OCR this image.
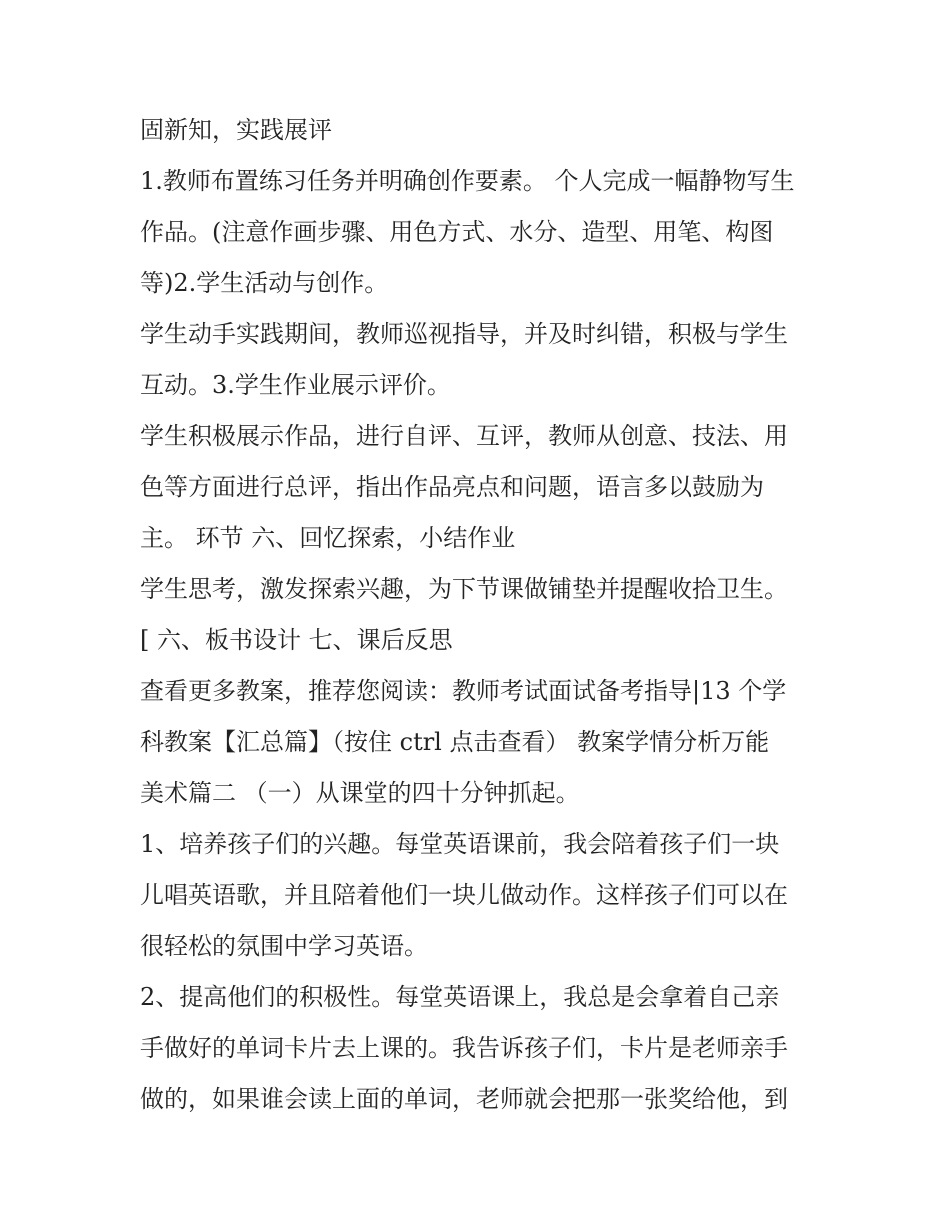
固新知，实践展评
1.教师布置练习任务并明确创作要素。 个人完成一幅静物写生
作品。(注意作画步骤、用色方式、水分、造型、用笔、构图
等)2.学生活动与创作。
学生动手实践期间，教师巡视指导，并及时纠错，积极与学生
互动。3.学生作业展示评价。
学生积极展示作品，进行自评、互评，教师从创意、技法、用
色等方面进行总评，指出作品亮点和问题，语言多以鼓励为
主。 环节 六、回忆探索，小结作业
学生思考，激发探索兴趣，为下节课做铺垫并提醒收拾卫生。
[ 六、板书设计 七、课后反思
查看更多教案，推荐您阅读：教师考试面试备考指导|13 个学
科教案【汇总篇】（按住 ctrl 点击查看） 教案学情分析万能
美术篇二 （一）从课堂的四十分钟抓起。
1、培养孩子们的兴趣。每堂英语课前，我会陪着孩子们一块
儿唱英语歌，并且陪着他们一块儿做动作。这样孩子们可以在
很轻松的氛围中学习英语。
2、提高他们的积极性。每堂英语课上，我总是会拿着自己亲
手做好的单词卡片去上课的。我告诉孩子们，卡片是老师亲手
做的，如果谁会读上面的单词，老师就会把那一张奖给他，到
